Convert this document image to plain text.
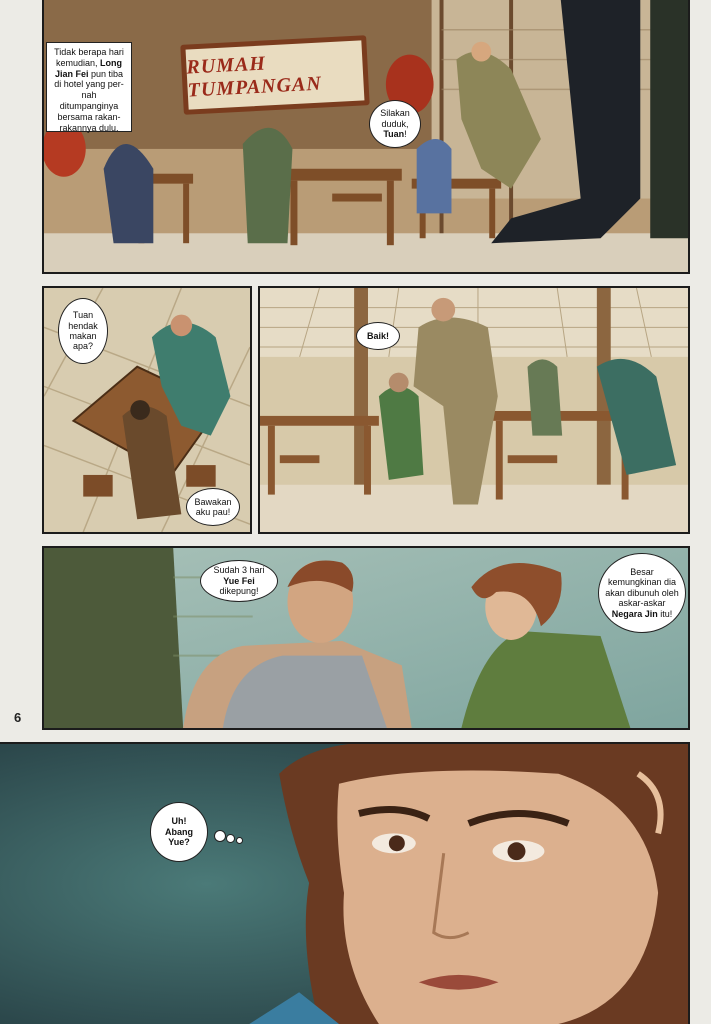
RUMAH TUMPANGAN
Tidak berapa hari kemudian, Long Jian Fei pun tiba di hotel yang per-nah ditumpanginya bersama rakan-rakannya dulu.
Silakan duduk, Tuan!
Tuan
hendak
makan
apa?
Bawakan
aku pau!
Baik!
Sudah 3 hari Yue Fei dikepung!
Besar kemungkinan dia akan dibunuh oleh askar-askar Negara Jin itu!
6
Uh!
Abang
Yue?
